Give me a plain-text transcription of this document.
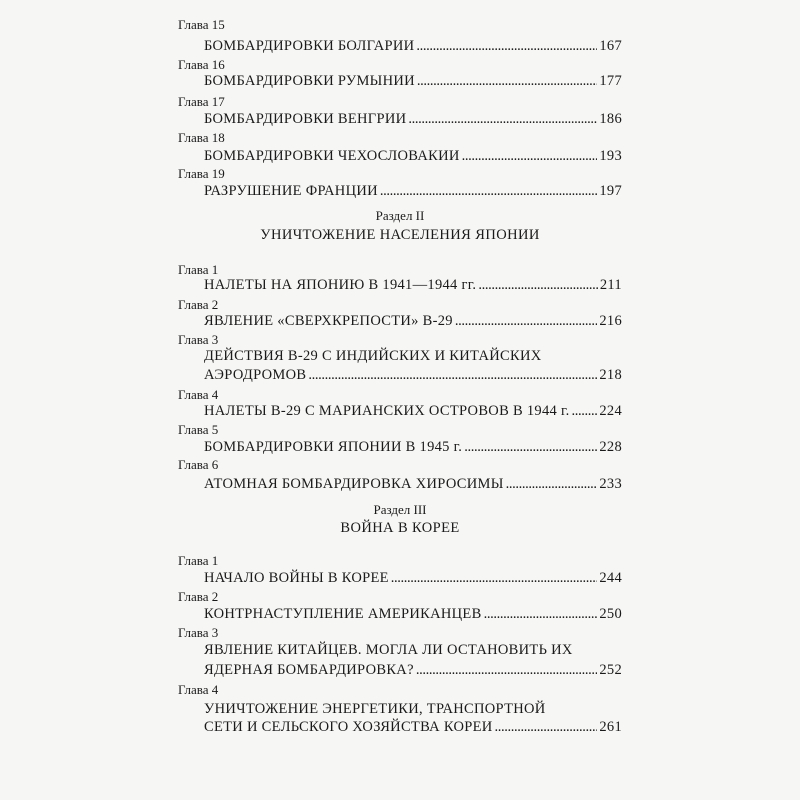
Глава 15
БОМБАРДИРОВКИ БОЛГАРИИ . . .	167
Глава 16
БОМБАРДИРОВКИ РУМЫНИИ . . .	177
Глава 17
БОМБАРДИРОВКИ ВЕНГРИИ . . .	186
Глава 18
БОМБАРДИРОВКИ ЧЕХОСЛОВАКИИ . . .	193
Глава 19
РАЗРУШЕНИЕ ФРАНЦИИ . . .	197
Раздел II
УНИЧТОЖЕНИЕ НАСЕЛЕНИЯ ЯПОНИИ
Глава 1
НАЛЕТЫ НА ЯПОНИЮ В 1941—1944 гг. . . .	211
Глава 2
ЯВЛЕНИЕ «СВЕРХКРЕПОСТИ» В-29 . . .	216
Глава 3
ДЕЙСТВИЯ В-29 С ИНДИЙСКИХ И КИТАЙСКИХ
АЭРОДРОМОВ . . .	218
Глава 4
НАЛЕТЫ В-29 С МАРИАНСКИХ ОСТРОВОВ В 1944 г. . . . 224
Глава 5
БОМБАРДИРОВКИ ЯПОНИИ В 1945 г. . . .	228
Глава 6
АТОМНАЯ БОМБАРДИРОВКА ХИРОСИМЫ . . .	233
Раздел III
ВОЙНА В КОРЕЕ
Глава 1
НАЧАЛО ВОЙНЫ В КОРЕЕ . . .	244
Глава 2
КОНТРНАСТУПЛЕНИЕ АМЕРИКАНЦЕВ . . .	250
Глава 3
ЯВЛЕНИЕ КИТАЙЦЕВ. МОГЛА ЛИ ОСТАНОВИТЬ ИХ
ЯДЕРНАЯ БОМБАРДИРОВКА? . . .	252
Глава 4
УНИЧТОЖЕНИЕ ЭНЕРГЕТИКИ, ТРАНСПОРТНОЙ
СЕТИ И СЕЛЬСКОГО ХОЗЯЙСТВА КОРЕИ . . .	261
